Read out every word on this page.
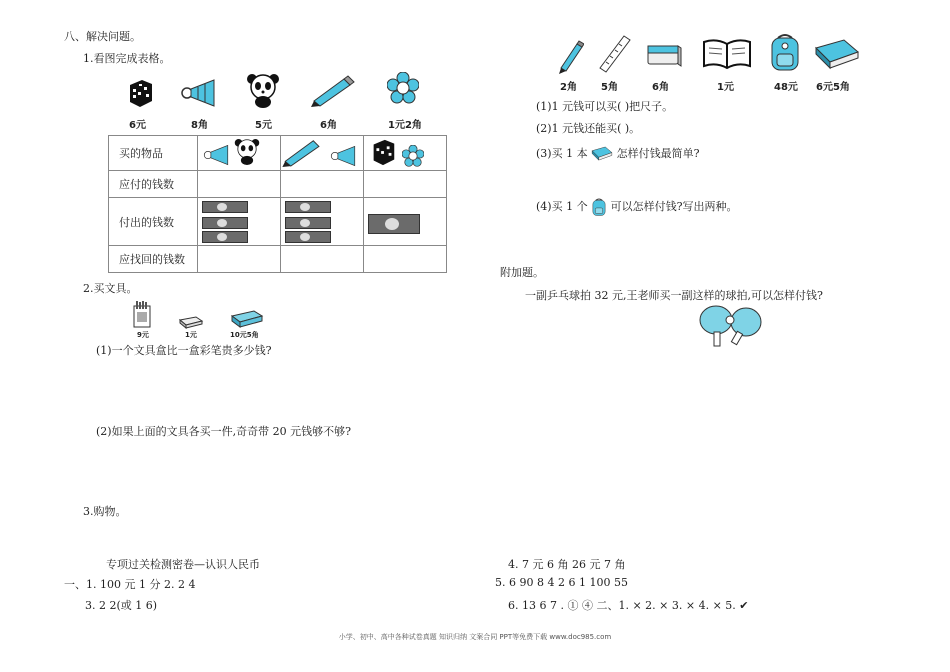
八、解决问题。
1.看图完成表格。
6元	8角	5元	6角	1元2角
买的物品			
应付的钱数			
付出的钱数	

应找回的钱数			
2.买文具。
9元	1元	10元5角
(1)一个文具盒比一盒彩笔贵多少钱?
(2)如果上面的文具各买一件,奇奇带 20 元钱够不够?
3.购物。
2角 5角	6角	1元	48元 6元5角
(1)1 元钱可以买( )把尺子。
(2)1 元钱还能买( )。
(3)买 1 本	怎样付钱最简单?
(4)买 1 个 可以怎样付钱?写出两种。
附加题。
一副乒乓球拍 32 元,王老师买一副这样的球拍,可以怎样付钱?
专项过关检测密卷—认识人民币
一、1. 100 元 1 分 2. 2 4
3. 2 2(或 1 6)
4. 7 元 6 角 26 元 7 角
5. 6 90 8 4 2 6 1 100 55
6. 13 6 7 . ① ④ 二、1. × 2. × 3. × 4. × 5. ✔
小学、初中、高中各种试卷真题 知识归纳 文案合同 PPT等免费下载 www.doc985.com
